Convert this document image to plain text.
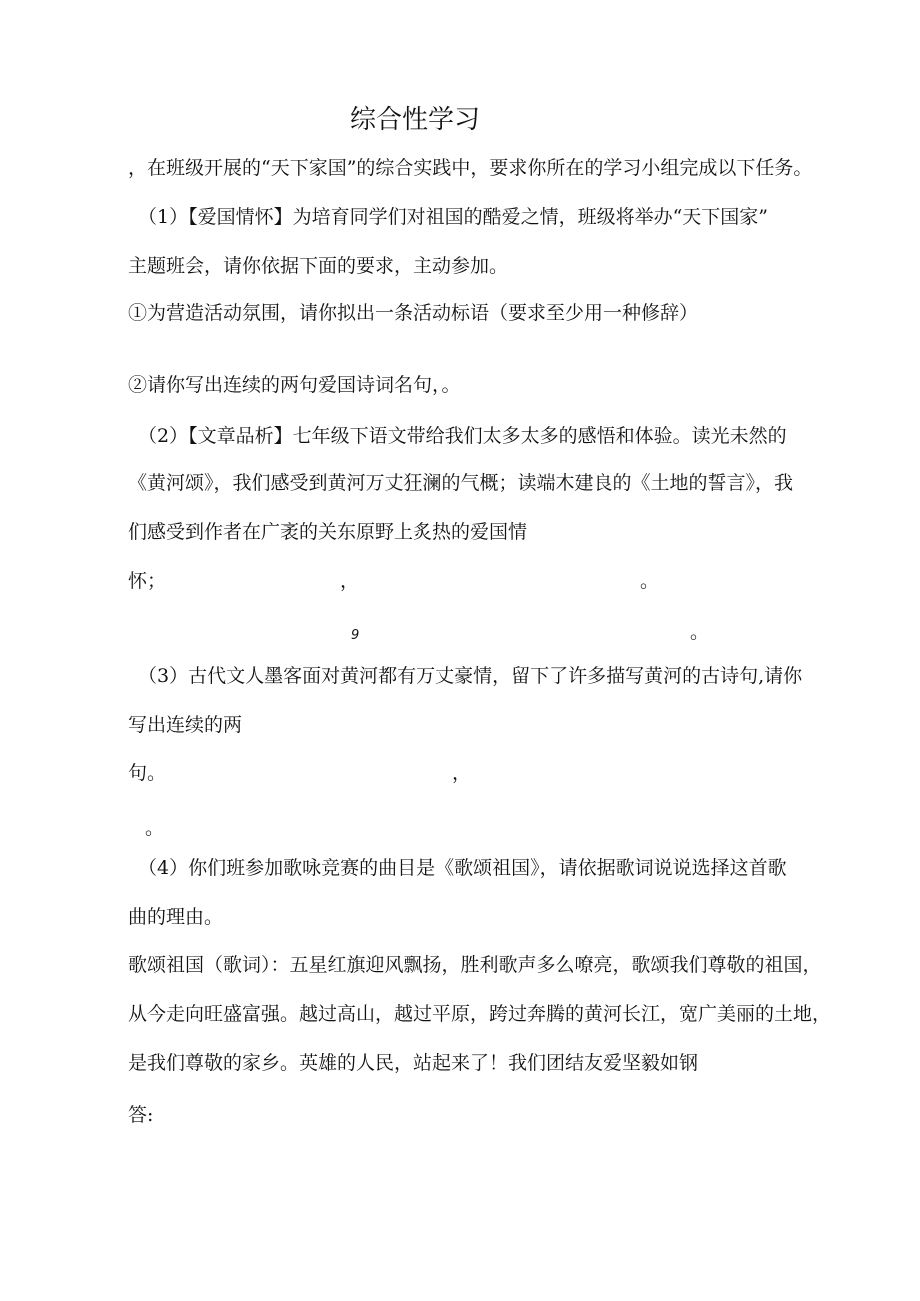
综合性学习

，在班级开展的“天下家国”的综合实践中，要求你所在的学习小组完成以下任务。

（1）【爱国情怀】为培育同学们对祖国的酷爱之情，班级将举办“天下国家”

主题班会，请你依据下面的要求，主动参加。

①为营造活动氛围，请你拟出一条活动标语（要求至少用一种修辞）

②请你写出连续的两句爱国诗词名句，。

（2）【文章品析】七年级下语文带给我们太多太多的感悟和体验。读光未然的

《黄河颂》，我们感受到黄河万丈狂澜的气概；读端木建良的《土地的誓言》，我

们感受到作者在广袤的关东原野上炙热的爱国情

怀；	，	。
9	。

（3）古代文人墨客面对黄河都有万丈豪情，留下了许多描写黄河的古诗句,请你

写出连续的两

句。	，
。

（4）你们班参加歌咏竞赛的曲目是《歌颂祖国》，请依据歌词说说选择这首歌

曲的理由。

歌颂祖国（歌词）：五星红旗迎风飘扬，胜利歌声多么嘹亮，歌颂我们尊敬的祖国，

从今走向旺盛富强。越过高山，越过平原，跨过奔腾的黄河长江，宽广美丽的土地，

是我们尊敬的家乡。英雄的人民，站起来了！我们团结友爱坚毅如钢

答:
